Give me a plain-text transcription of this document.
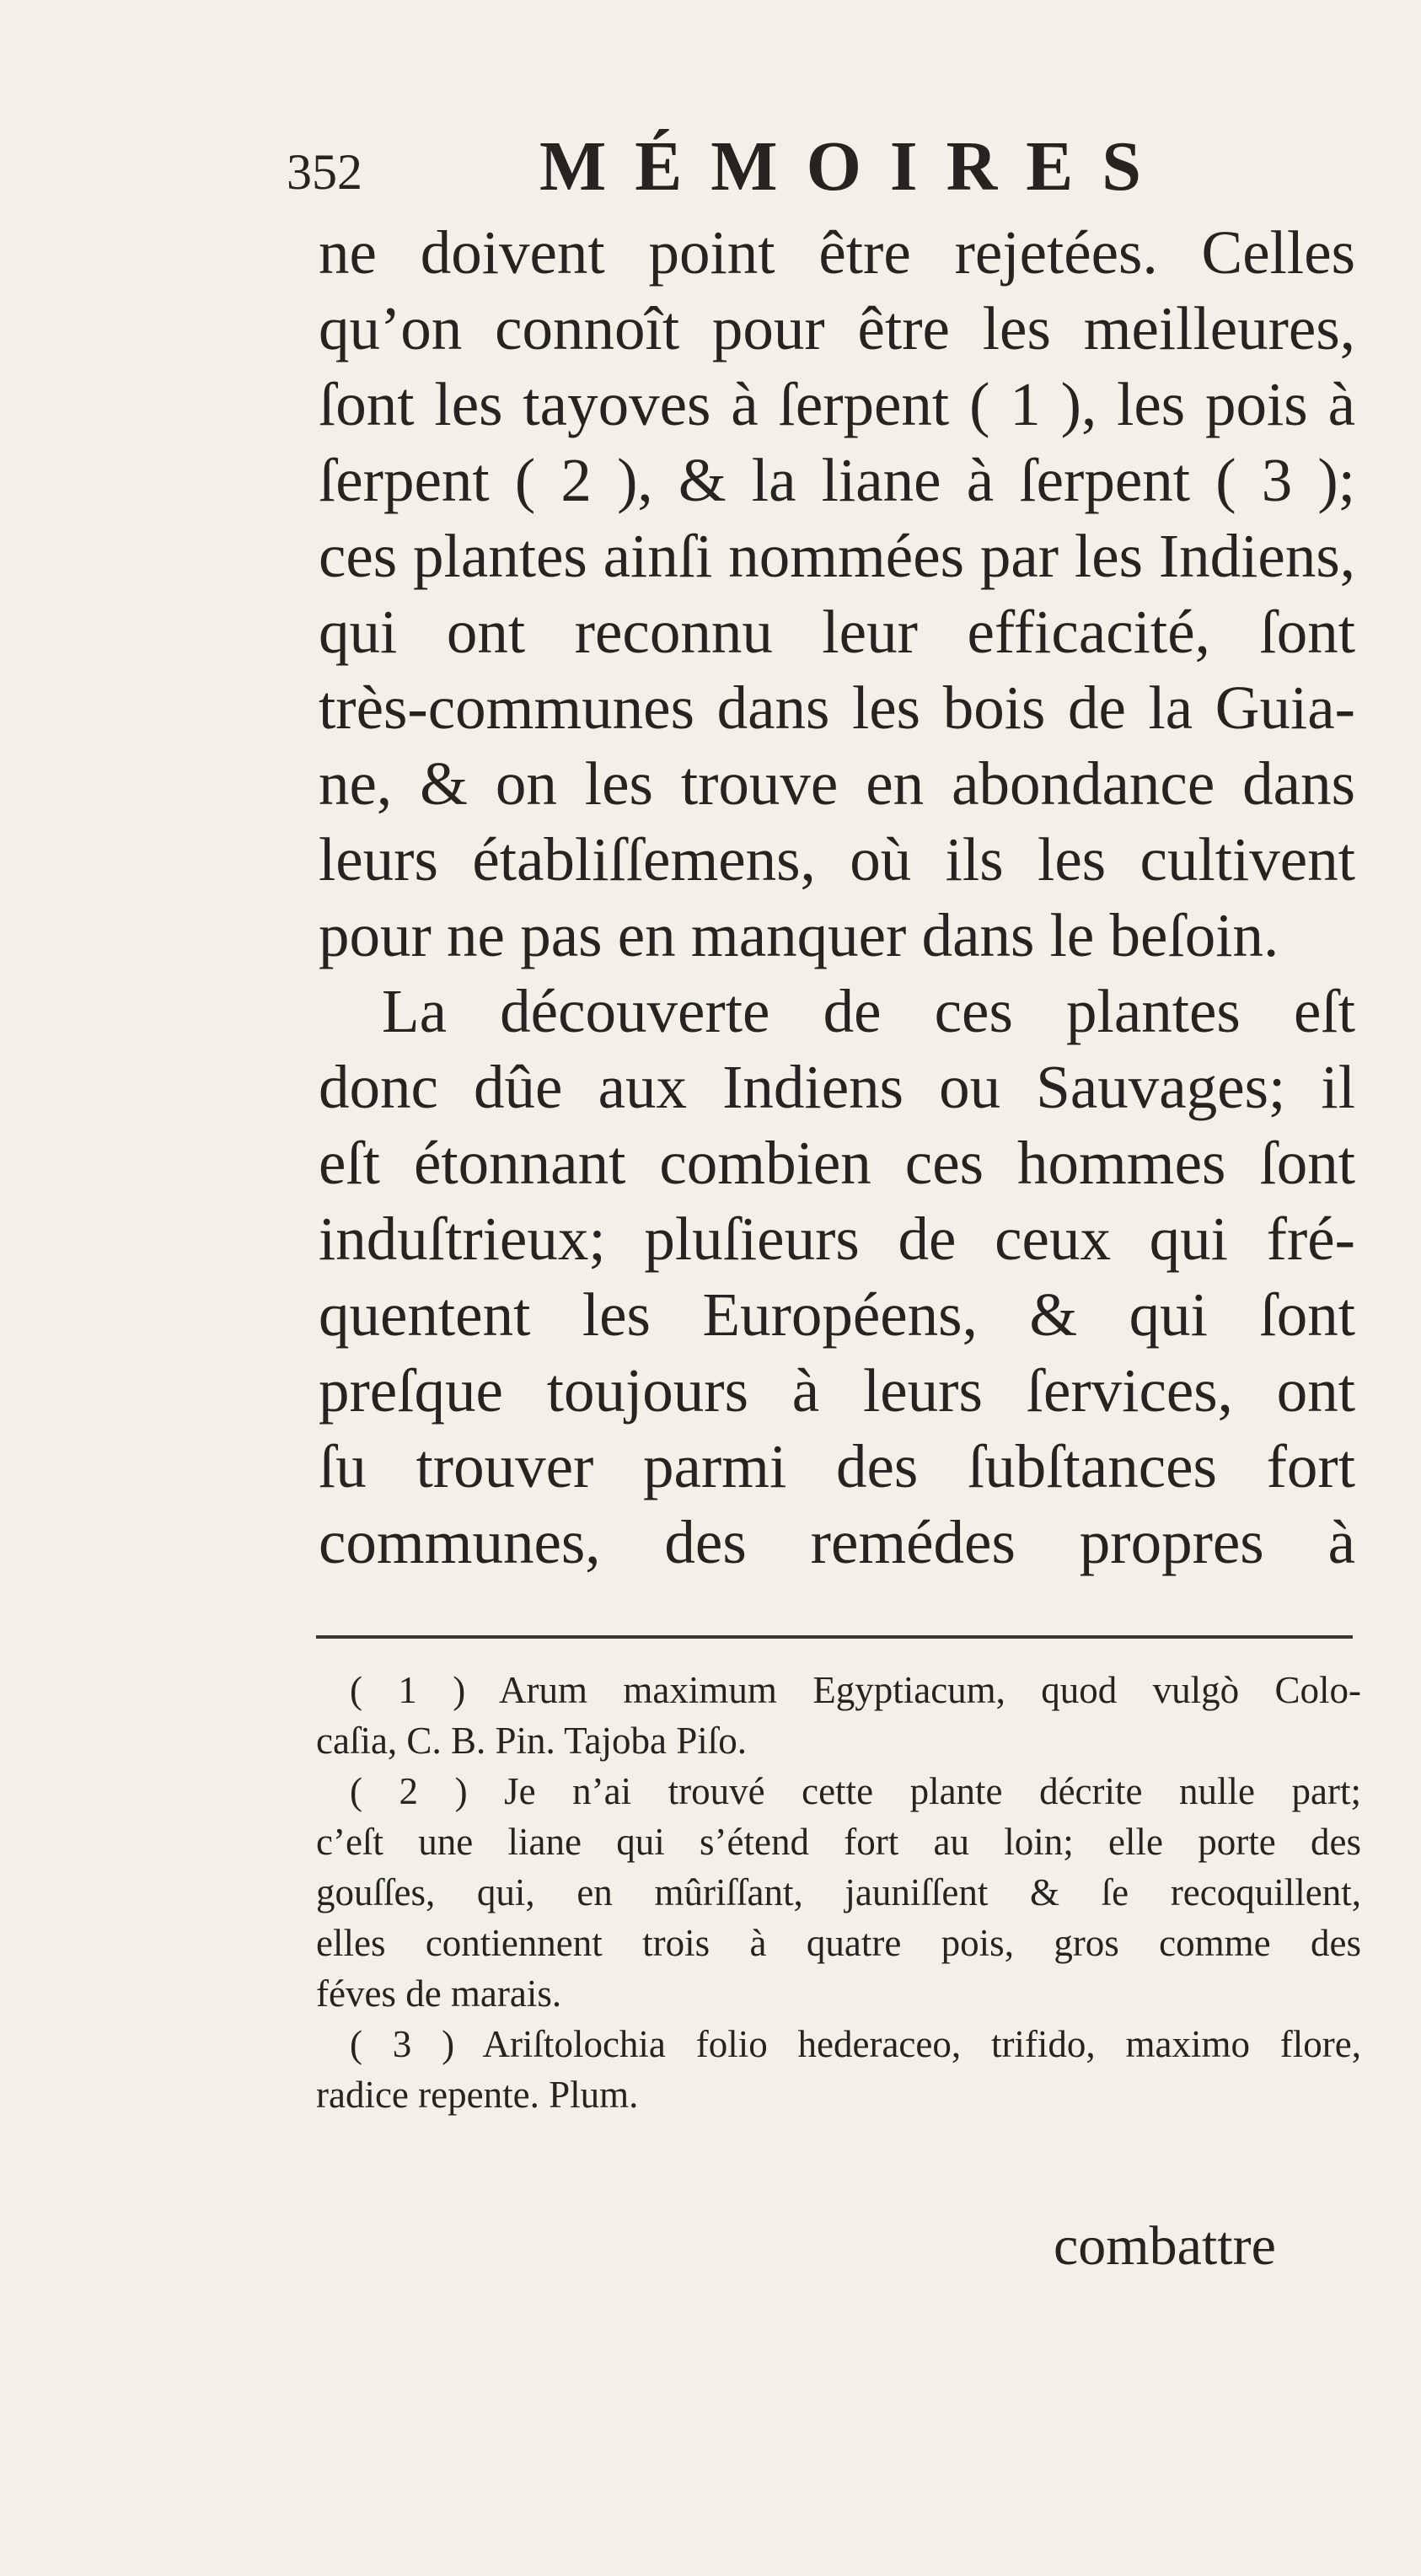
352	MÉMOIRES
ne doivent point être rejetées. Celles
qu’on connoît pour être les meilleures,
ſont les tayoves à ſerpent ( 1 ), les pois à
ſerpent ( 2 ), & la liane à ſerpent ( 3 );
ces plantes ainſi nommées par les Indiens,
qui ont reconnu leur efficacité, ſont
très-communes dans les bois de la Guia-
ne, & on les trouve en abondance dans
leurs établiſſemens, où ils les cultivent
pour ne pas en manquer dans le beſoin.
La découverte de ces plantes eſt
donc dûe aux Indiens ou Sauvages; il
eſt étonnant combien ces hommes ſont
induſtrieux; pluſieurs de ceux qui fré-
quentent les Européens, & qui ſont
preſque toujours à leurs ſervices, ont
ſu trouver parmi des ſubſtances fort
communes, des remédes propres à
( 1 ) Arum maximum Egyptiacum, quod vulgò Colo-
caſia, C. B. Pin. Tajoba Piſo.
( 2 ) Je n’ai trouvé cette plante décrite nulle part;
c’eſt une liane qui s’étend fort au loin; elle porte des
gouſſes, qui, en mûriſſant, jauniſſent & ſe recoquillent,
elles contiennent trois à quatre pois, gros comme des
féves de marais.
( 3 ) Ariſtolochia folio hederaceo, trifido, maximo flore,
radice repente. Plum.
combattre
